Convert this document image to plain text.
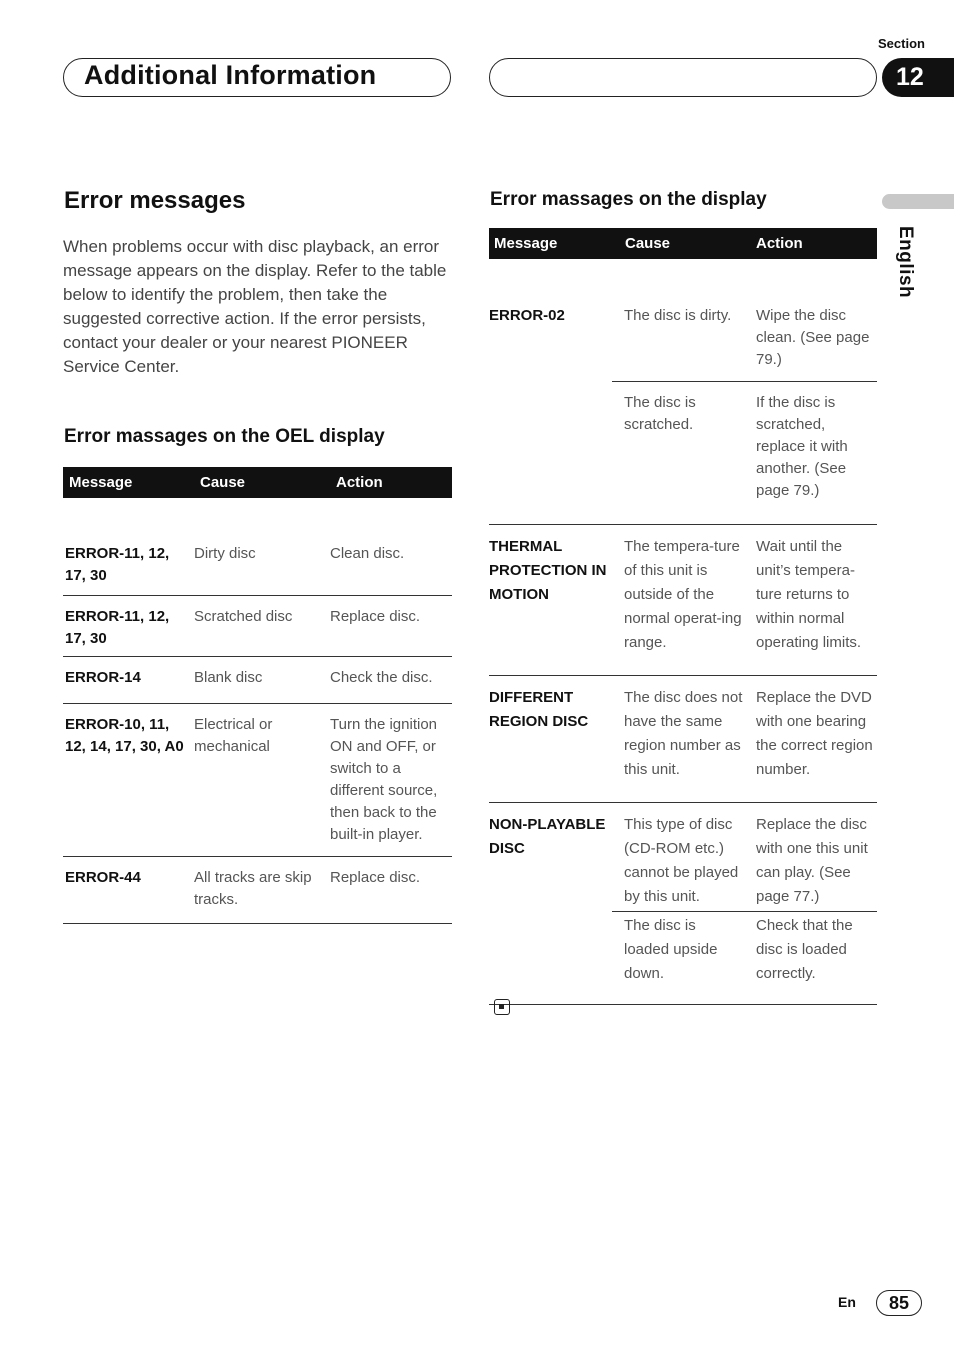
Section
Additional Information	12
English
Error messages

When problems occur with disc playback, an error message appears on the display. Refer to the table below to identify the problem, then take the suggested corrective action. If the error persists, contact your dealer or your nearest PIONEER Service Center.

Error massages on the OEL display
Message	Cause	Action
ERROR-11, 12, 17, 30	Dirty disc	Clean disc.
ERROR-11, 12, 17, 30	Scratched disc	Replace disc.
ERROR-14	Blank disc	Check the disc.
ERROR-10, 11, 12, 14, 17, 30, A0	Electrical or mechanical	Turn the ignition ON and OFF, or switch to a different source, then back to the built-in player.
ERROR-44	All tracks are skip tracks.	Replace disc.
Error massages on the display
Message	Cause	Action
ERROR-02	The disc is dirty.	Wipe the disc clean. (See page 79.)
	The disc is scratched.	If the disc is scratched, replace it with another. (See page 79.)
THERMAL PROTECTION IN MOTION	The tempera-ture of this unit is outside of the normal operat-ing range.	Wait until the unit’s tempera-ture returns to within normal operating limits.
DIFFERENT REGION DISC	The disc does not have the same region number as this unit.	Replace the DVD with one bearing the correct region number.
NON-PLAYABLE DISC	This type of disc (CD-ROM etc.) cannot be played by this unit.	Replace the disc with one this unit can play. (See page 77.)
	The disc is loaded upside down.	Check that the disc is loaded correctly.
En	85
